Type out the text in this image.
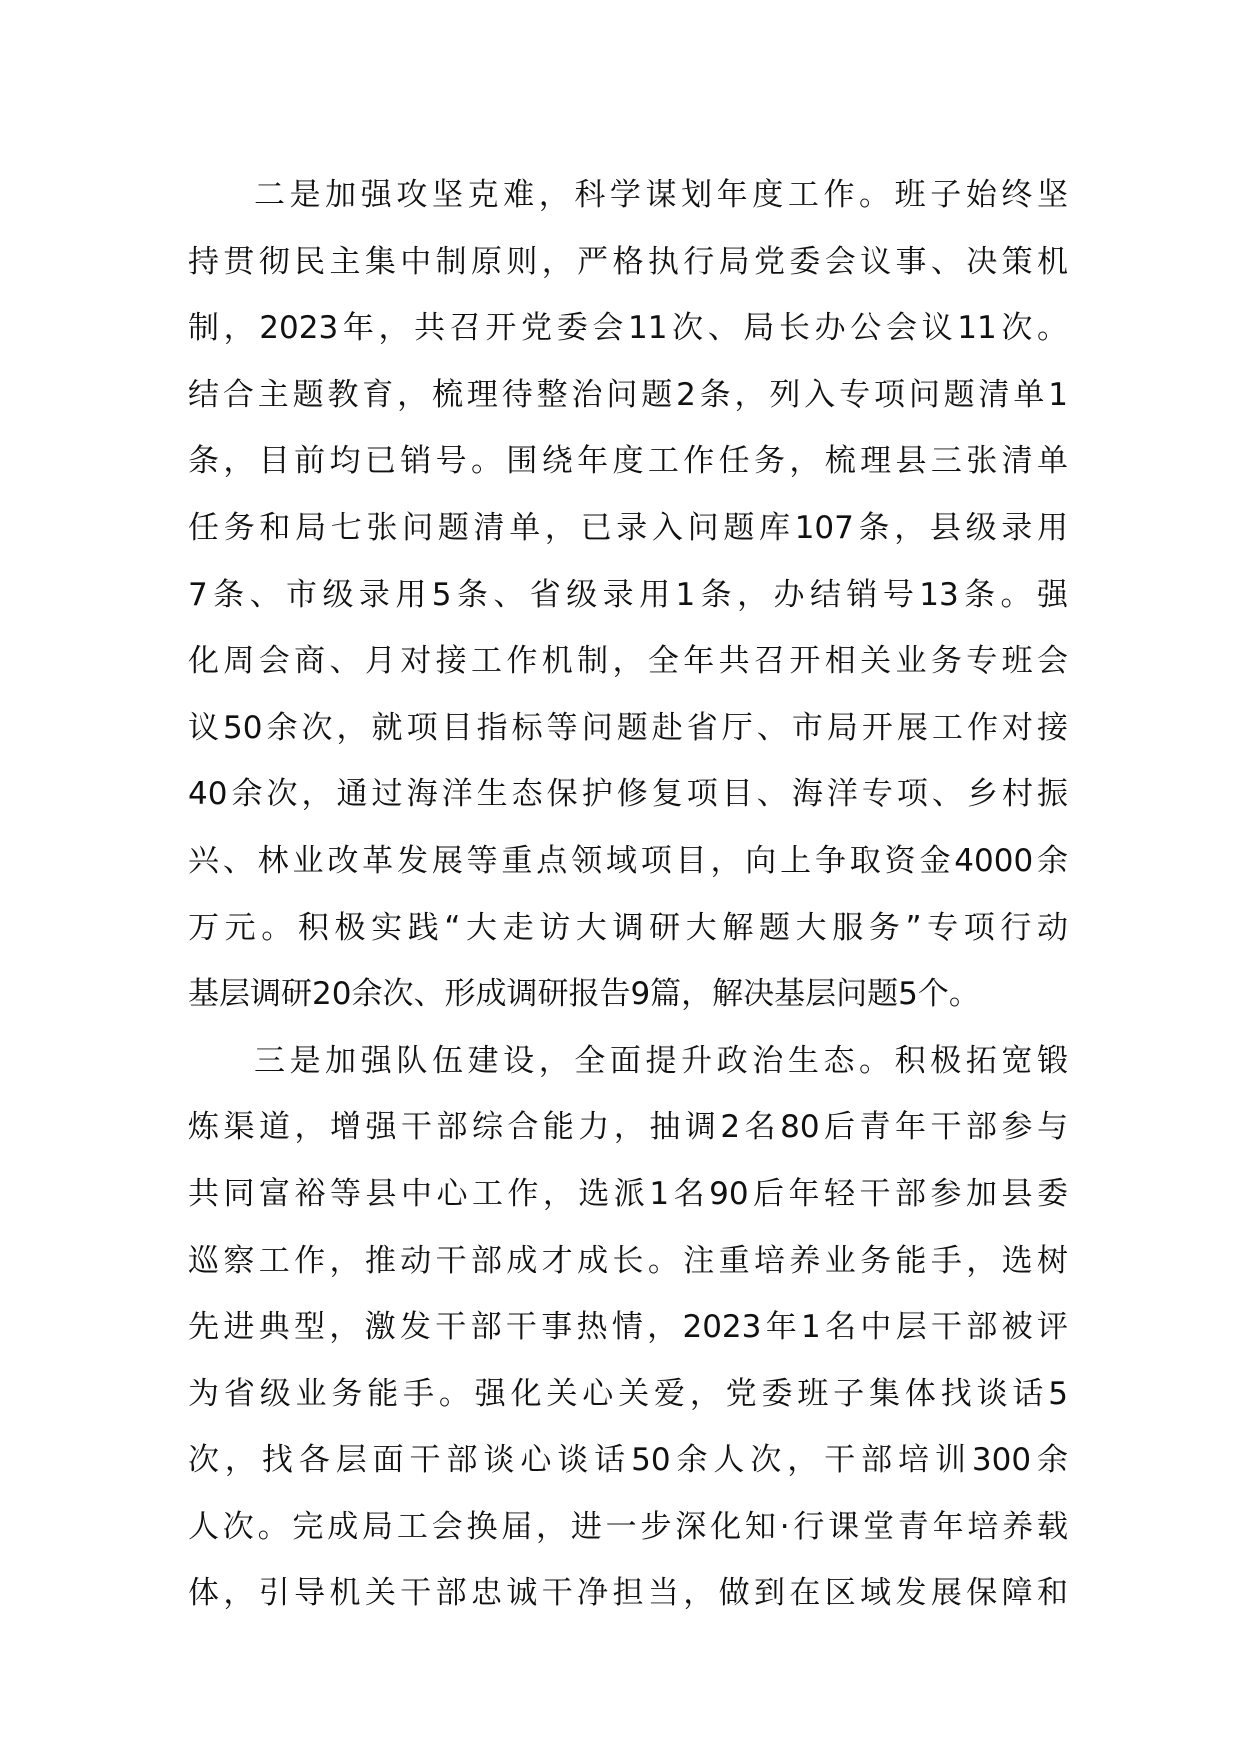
二是加强攻坚克难，科学谋划年度工作。班子始终坚
持贯彻民主集中制原则，严格执行局党委会议事、决策机
制，2023年，共召开党委会11次、局长办公会议11次。
结合主题教育，梳理待整治问题2条，列入专项问题清单1
条，目前均已销号。围绕年度工作任务，梳理县三张清单
任务和局七张问题清单，已录入问题库107条，县级录用
7条、市级录用5条、省级录用1条，办结销号13条。强
化周会商、月对接工作机制，全年共召开相关业务专班会
议50余次，就项目指标等问题赴省厅、市局开展工作对接
40余次，通过海洋生态保护修复项目、海洋专项、乡村振
兴、林业改革发展等重点领域项目，向上争取资金4000余
万元。积极实践“大走访大调研大解题大服务”专项行动
基层调研20余次、形成调研报告9篇，解决基层问题5个。
三是加强队伍建设，全面提升政治生态。积极拓宽锻
炼渠道，增强干部综合能力，抽调2名80后青年干部参与
共同富裕等县中心工作，选派1名90后年轻干部参加县委
巡察工作，推动干部成才成长。注重培养业务能手，选树
先进典型，激发干部干事热情，2023年1名中层干部被评
为省级业务能手。强化关心关爱，党委班子集体找谈话5
次，找各层面干部谈心谈话50余人次，干部培训300余
人次。完成局工会换届，进一步深化知·行课堂青年培养载
体，引导机关干部忠诚干净担当，做到在区域发展保障和
